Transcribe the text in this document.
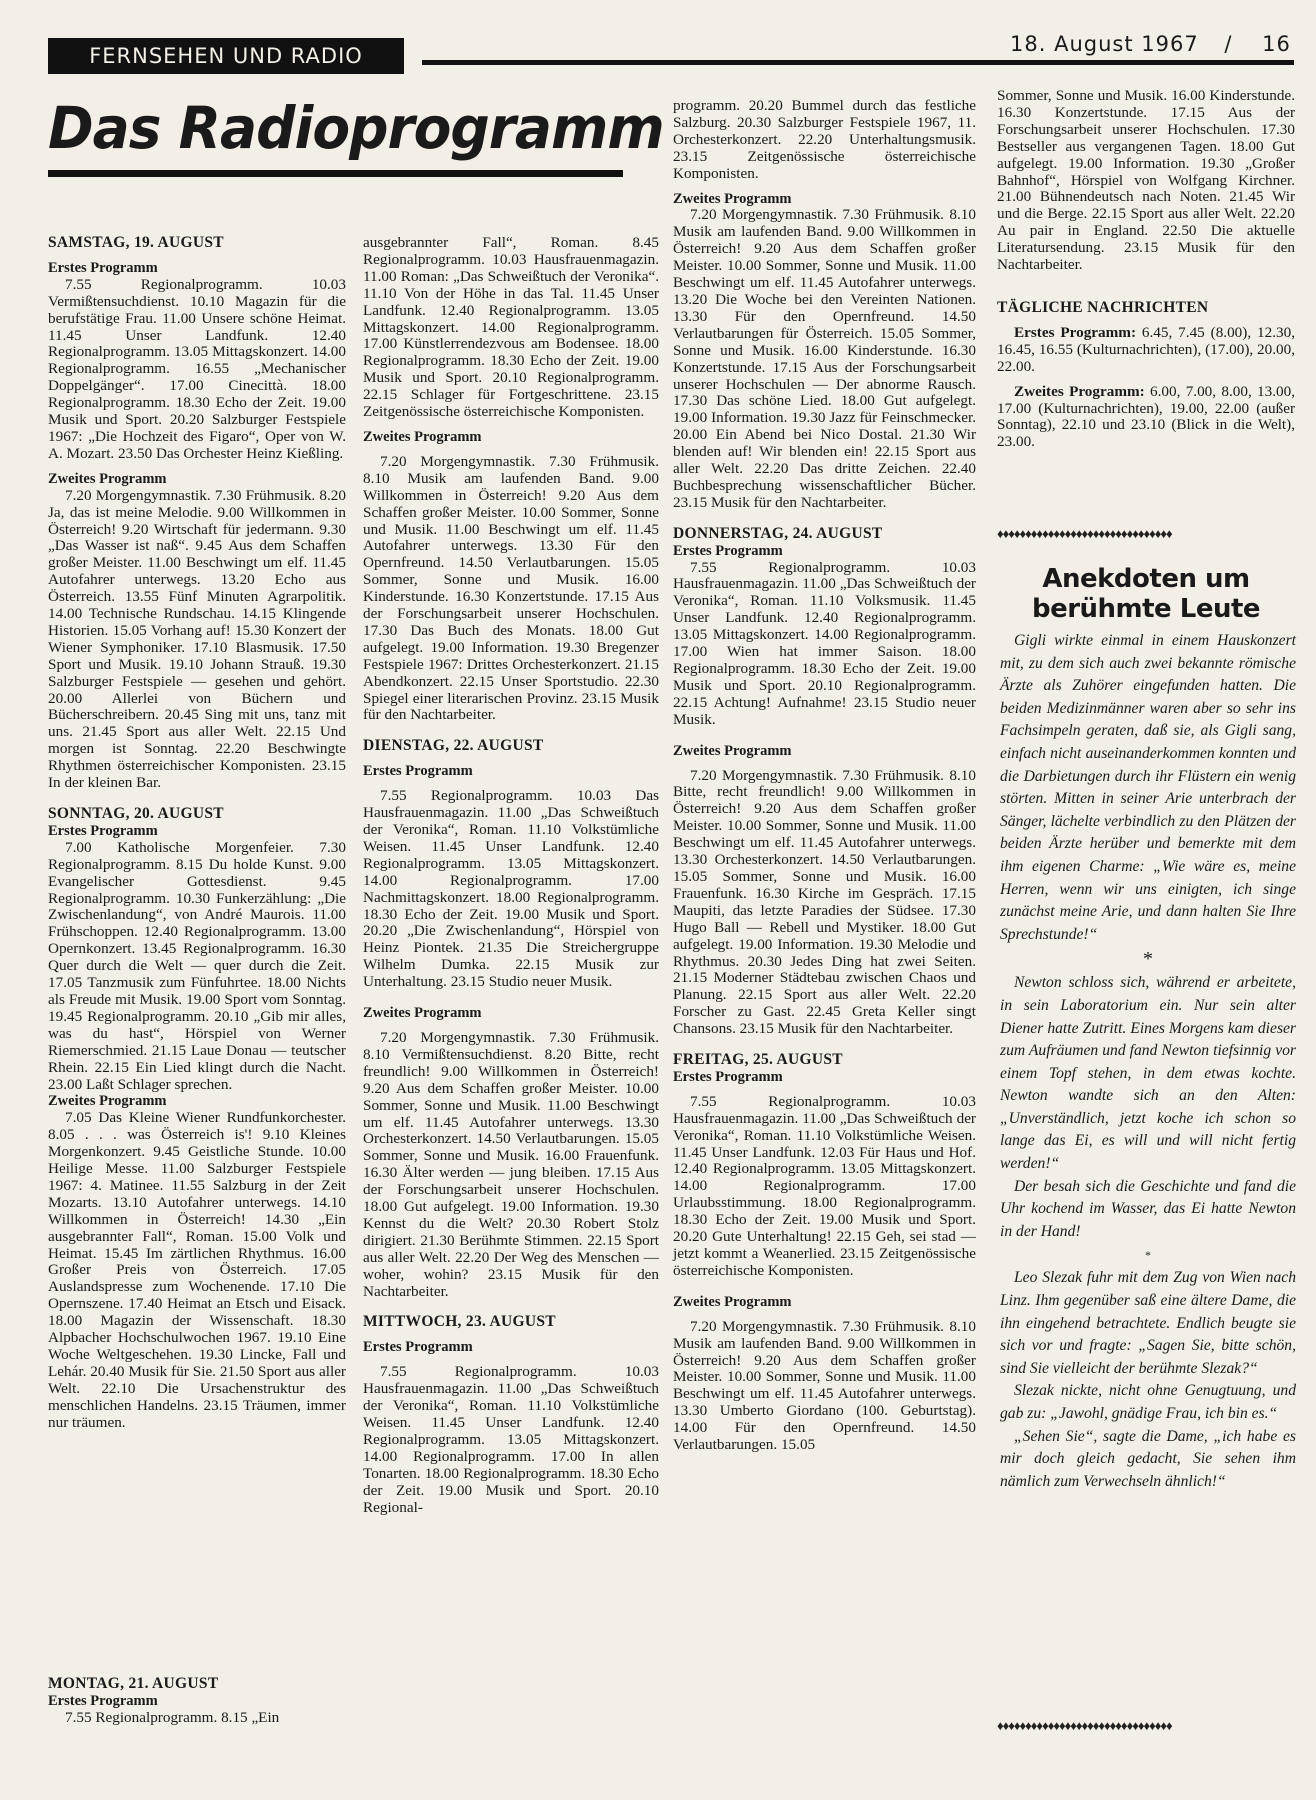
FERNSEHEN UND RADIO	18. August 1967 / 16
Das Radioprogramm

SAMSTAG, 19. AUGUST

Erstes Programm

7.55 Regionalprogramm. 10.03 Vermißtensuchdienst. 10.10 Magazin für die berufstätige Frau. 11.00 Unsere schöne Heimat. 11.45 Unser Landfunk. 12.40 Regionalprogramm. 13.05 Mittagskonzert. 14.00 Regionalprogramm. 16.55 „Mechanischer Doppelgänger“. 17.00 Cinecittà. 18.00 Regionalprogramm. 18.30 Echo der Zeit. 19.00 Musik und Sport. 20.20 Salzburger Festspiele 1967: „Die Hochzeit des Figaro“, Oper von W. A. Mozart. 23.50 Das Orchester Heinz Kießling.

Zweites Programm

7.20 Morgengymnastik. 7.30 Frühmusik. 8.20 Ja, das ist meine Melodie. 9.00 Willkommen in Österreich! 9.20 Wirtschaft für jedermann. 9.30 „Das Wasser ist naß“. 9.45 Aus dem Schaffen großer Meister. 11.00 Beschwingt um elf. 11.45 Autofahrer unterwegs. 13.20 Echo aus Österreich. 13.55 Fünf Minuten Agrarpolitik. 14.00 Technische Rundschau. 14.15 Klingende Historien. 15.05 Vorhang auf! 15.30 Konzert der Wiener Symphoniker. 17.10 Blasmusik. 17.50 Sport und Musik. 19.10 Johann Strauß. 19.30 Salzburger Festspiele — gesehen und gehört. 20.00 Allerlei von Büchern und Bücherschreibern. 20.45 Sing mit uns, tanz mit uns. 21.45 Sport aus aller Welt. 22.15 Und morgen ist Sonntag. 22.20 Beschwingte Rhythmen österreichischer Komponisten. 23.15 In der kleinen Bar.

SONNTAG, 20. AUGUST

Erstes Programm

7.00 Katholische Morgenfeier. 7.30 Regionalprogramm. 8.15 Du holde Kunst. 9.00 Evangelischer Gottesdienst. 9.45 Regionalprogramm. 10.30 Funkerzählung: „Die Zwischenlandung“, von André Maurois. 11.00 Frühschoppen. 12.40 Regionalprogramm. 13.00 Opernkonzert. 13.45 Regionalprogramm. 16.30 Quer durch die Welt — quer durch die Zeit. 17.05 Tanzmusik zum Fünfuhrtee. 18.00 Nichts als Freude mit Musik. 19.00 Sport vom Sonntag. 19.45 Regionalprogramm. 20.10 „Gib mir alles, was du hast“, Hörspiel von Werner Riemerschmied. 21.15 Laue Donau — teutscher Rhein. 22.15 Ein Lied klingt durch die Nacht. 23.00 Laßt Schlager sprechen.

Zweites Programm

7.05 Das Kleine Wiener Rundfunkorchester. 8.05 . . . was Österreich is'! 9.10 Kleines Morgenkonzert. 9.45 Geistliche Stunde. 10.00 Heilige Messe. 11.00 Salzburger Festspiele 1967: 4. Matinee. 11.55 Salzburg in der Zeit Mozarts. 13.10 Autofahrer unterwegs. 14.10 Willkommen in Österreich! 14.30 „Ein ausgebrannter Fall“, Roman. 15.00 Volk und Heimat. 15.45 Im zärtlichen Rhythmus. 16.00 Großer Preis von Österreich. 17.05 Auslandspresse zum Wochenende. 17.10 Die Opernszene. 17.40 Heimat an Etsch und Eisack. 18.00 Magazin der Wissenschaft. 18.30 Alpbacher Hochschulwochen 1967. 19.10 Eine Woche Weltgeschehen. 19.30 Lincke, Fall und Lehár. 20.40 Musik für Sie. 21.50 Sport aus aller Welt. 22.10 Die Ursachenstruktur des menschlichen Handelns. 23.15 Träumen, immer nur träumen.

MONTAG, 21. AUGUST

Erstes Programm

7.55 Regionalprogramm. 8.15 „Ein

ausgebrannter Fall“, Roman. 8.45 Regionalprogramm. 10.03 Hausfrauenmagazin. 11.00 Roman: „Das Schweißtuch der Veronika“. 11.10 Von der Höhe in das Tal. 11.45 Unser Landfunk. 12.40 Regionalprogramm. 13.05 Mittagskonzert. 14.00 Regionalprogramm. 17.00 Künstlerrendezvous am Bodensee. 18.00 Regionalprogramm. 18.30 Echo der Zeit. 19.00 Musik und Sport. 20.10 Regionalprogramm. 22.15 Schlager für Fortgeschrittene. 23.15 Zeitgenössische österreichische Komponisten.

Zweites Programm

7.20 Morgengymnastik. 7.30 Frühmusik. 8.10 Musik am laufenden Band. 9.00 Willkommen in Österreich! 9.20 Aus dem Schaffen großer Meister. 10.00 Sommer, Sonne und Musik. 11.00 Beschwingt um elf. 11.45 Autofahrer unterwegs. 13.30 Für den Opernfreund. 14.50 Verlautbarungen. 15.05 Sommer, Sonne und Musik. 16.00 Kinderstunde. 16.30 Konzertstunde. 17.15 Aus der Forschungsarbeit unserer Hochschulen. 17.30 Das Buch des Monats. 18.00 Gut aufgelegt. 19.00 Information. 19.30 Bregenzer Festspiele 1967: Drittes Orchesterkonzert. 21.15 Abendkonzert. 22.15 Unser Sportstudio. 22.30 Spiegel einer literarischen Provinz. 23.15 Musik für den Nachtarbeiter.

DIENSTAG, 22. AUGUST

Erstes Programm

7.55 Regionalprogramm. 10.03 Das Hausfrauenmagazin. 11.00 „Das Schweißtuch der Veronika“, Roman. 11.10 Volkstümliche Weisen. 11.45 Unser Landfunk. 12.40 Regionalprogramm. 13.05 Mittagskonzert. 14.00 Regionalprogramm. 17.00 Nachmittagskonzert. 18.00 Regionalprogramm. 18.30 Echo der Zeit. 19.00 Musik und Sport. 20.20 „Die Zwischenlandung“, Hörspiel von Heinz Piontek. 21.35 Die Streichergruppe Wilhelm Dumka. 22.15 Musik zur Unterhaltung. 23.15 Studio neuer Musik.

Zweites Programm

7.20 Morgengymnastik. 7.30 Frühmusik. 8.10 Vermißtensuchdienst. 8.20 Bitte, recht freundlich! 9.00 Willkommen in Österreich! 9.20 Aus dem Schaffen großer Meister. 10.00 Sommer, Sonne und Musik. 11.00 Beschwingt um elf. 11.45 Autofahrer unterwegs. 13.30 Orchesterkonzert. 14.50 Verlautbarungen. 15.05 Sommer, Sonne und Musik. 16.00 Frauenfunk. 16.30 Älter werden — jung bleiben. 17.15 Aus der Forschungsarbeit unserer Hochschulen. 18.00 Gut aufgelegt. 19.00 Information. 19.30 Kennst du die Welt? 20.30 Robert Stolz dirigiert. 21.30 Berühmte Stimmen. 22.15 Sport aus aller Welt. 22.20 Der Weg des Menschen — woher, wohin? 23.15 Musik für den Nachtarbeiter.

MITTWOCH, 23. AUGUST

Erstes Programm

7.55 Regionalprogramm. 10.03 Hausfrauenmagazin. 11.00 „Das Schweißtuch der Veronika“, Roman. 11.10 Volkstümliche Weisen. 11.45 Unser Landfunk. 12.40 Regionalprogramm. 13.05 Mittagskonzert. 14.00 Regionalprogramm. 17.00 In allen Tonarten. 18.00 Regionalprogramm. 18.30 Echo der Zeit. 19.00 Musik und Sport. 20.10 Regional-

programm. 20.20 Bummel durch das festliche Salzburg. 20.30 Salzburger Festspiele 1967, 11. Orchesterkonzert. 22.20 Unterhaltungsmusik. 23.15 Zeitgenössische österreichische Komponisten.

Zweites Programm

7.20 Morgengymnastik. 7.30 Frühmusik. 8.10 Musik am laufenden Band. 9.00 Willkommen in Österreich! 9.20 Aus dem Schaffen großer Meister. 10.00 Sommer, Sonne und Musik. 11.00 Beschwingt um elf. 11.45 Autofahrer unterwegs. 13.20 Die Woche bei den Vereinten Nationen. 13.30 Für den Opernfreund. 14.50 Verlautbarungen für Österreich. 15.05 Sommer, Sonne und Musik. 16.00 Kinderstunde. 16.30 Konzertstunde. 17.15 Aus der Forschungsarbeit unserer Hochschulen — Der abnorme Rausch. 17.30 Das schöne Lied. 18.00 Gut aufgelegt. 19.00 Information. 19.30 Jazz für Feinschmecker. 20.00 Ein Abend bei Nico Dostal. 21.30 Wir blenden auf! Wir blenden ein! 22.15 Sport aus aller Welt. 22.20 Das dritte Zeichen. 22.40 Buchbesprechung wissenschaftlicher Bücher. 23.15 Musik für den Nachtarbeiter.

DONNERSTAG, 24. AUGUST

Erstes Programm

7.55 Regionalprogramm. 10.03 Hausfrauenmagazin. 11.00 „Das Schweißtuch der Veronika“, Roman. 11.10 Volksmusik. 11.45 Unser Landfunk. 12.40 Regionalprogramm. 13.05 Mittagskonzert. 14.00 Regionalprogramm. 17.00 Wien hat immer Saison. 18.00 Regionalprogramm. 18.30 Echo der Zeit. 19.00 Musik und Sport. 20.10 Regionalprogramm. 22.15 Achtung! Aufnahme! 23.15 Studio neuer Musik.

Zweites Programm

7.20 Morgengymnastik. 7.30 Frühmusik. 8.10 Bitte, recht freundlich! 9.00 Willkommen in Österreich! 9.20 Aus dem Schaffen großer Meister. 10.00 Sommer, Sonne und Musik. 11.00 Beschwingt um elf. 11.45 Autofahrer unterwegs. 13.30 Orchesterkonzert. 14.50 Verlautbarungen. 15.05 Sommer, Sonne und Musik. 16.00 Frauenfunk. 16.30 Kirche im Gespräch. 17.15 Maupiti, das letzte Paradies der Südsee. 17.30 Hugo Ball — Rebell und Mystiker. 18.00 Gut aufgelegt. 19.00 Information. 19.30 Melodie und Rhythmus. 20.30 Jedes Ding hat zwei Seiten. 21.15 Moderner Städtebau zwischen Chaos und Planung. 22.15 Sport aus aller Welt. 22.20 Forscher zu Gast. 22.45 Greta Keller singt Chansons. 23.15 Musik für den Nachtarbeiter.

FREITAG, 25. AUGUST

Erstes Programm

7.55 Regionalprogramm. 10.03 Hausfrauenmagazin. 11.00 „Das Schweißtuch der Veronika“, Roman. 11.10 Volkstümliche Weisen. 11.45 Unser Landfunk. 12.03 Für Haus und Hof. 12.40 Regionalprogramm. 13.05 Mittagskonzert. 14.00 Regionalprogramm. 17.00 Urlaubsstimmung. 18.00 Regionalprogramm. 18.30 Echo der Zeit. 19.00 Musik und Sport. 20.20 Gute Unterhaltung! 22.15 Geh, sei stad — jetzt kommt a Weanerlied. 23.15 Zeitgenössische österreichische Komponisten.

Zweites Programm

7.20 Morgengymnastik. 7.30 Frühmusik. 8.10 Musik am laufenden Band. 9.00 Willkommen in Österreich! 9.20 Aus dem Schaffen großer Meister. 10.00 Sommer, Sonne und Musik. 11.00 Beschwingt um elf. 11.45 Autofahrer unterwegs. 13.30 Umberto Giordano (100. Geburtstag). 14.00 Für den Opernfreund. 14.50 Verlautbarungen. 15.05

Sommer, Sonne und Musik. 16.00 Kinderstunde. 16.30 Konzertstunde. 17.15 Aus der Forschungsarbeit unserer Hochschulen. 17.30 Bestseller aus vergangenen Tagen. 18.00 Gut aufgelegt. 19.00 Information. 19.30 „Großer Bahnhof“, Hörspiel von Wolfgang Kirchner. 21.00 Bühnendeutsch nach Noten. 21.45 Wir und die Berge. 22.15 Sport aus aller Welt. 22.20 Au pair in England. 22.50 Die aktuelle Literatursendung. 23.15 Musik für den Nachtarbeiter.

TÄGLICHE NACHRICHTEN

Erstes Programm: 6.45, 7.45 (8.00), 12.30, 16.45, 16.55 (Kulturnachrichten), (17.00), 20.00, 22.00.

Zweites Programm: 6.00, 7.00, 8.00, 13.00, 17.00 (Kulturnachrichten), 19.00, 22.00 (außer Sonntag), 22.10 und 23.10 (Blick in die Welt), 23.00.

♦♦♦♦♦♦♦♦♦♦♦♦♦♦♦♦♦♦♦♦♦♦♦♦♦♦♦♦♦♦♦
Anekdoten um
berühmte Leute

Gigli wirkte einmal in einem Hauskonzert mit, zu dem sich auch zwei bekannte römische Ärzte als Zuhörer eingefunden hatten. Die beiden Medizinmänner waren aber so sehr ins Fachsimpeln geraten, daß sie, als Gigli sang, einfach nicht auseinanderkommen konnten und die Darbietungen durch ihr Flüstern ein wenig störten. Mitten in seiner Arie unterbrach der Sänger, lächelte verbindlich zu den Plätzen der beiden Ärzte herüber und bemerkte mit dem ihm eigenen Charme: „Wie wäre es, meine Herren, wenn wir uns einigten, ich singe zunächst meine Arie, und dann halten Sie Ihre Sprechstunde!“

*

Newton schloss sich, während er arbeitete, in sein Laboratorium ein. Nur sein alter Diener hatte Zutritt. Eines Morgens kam dieser zum Aufräumen und fand Newton tiefsinnig vor einem Topf stehen, in dem etwas kochte. Newton wandte sich an den Alten: „Unverständlich, jetzt koche ich schon so lange das Ei, es will und will nicht fertig werden!“

Der besah sich die Geschichte und fand die Uhr kochend im Wasser, das Ei hatte Newton in der Hand!

*

Leo Slezak fuhr mit dem Zug von Wien nach Linz. Ihm gegenüber saß eine ältere Dame, die ihn eingehend betrachtete. Endlich beugte sie sich vor und fragte: „Sagen Sie, bitte schön, sind Sie vielleicht der berühmte Slezak?“

Slezak nickte, nicht ohne Genugtuung, und gab zu: „Jawohl, gnädige Frau, ich bin es.“

„Sehen Sie“, sagte die Dame, „ich habe es mir doch gleich gedacht, Sie sehen ihm nämlich zum Verwechseln ähnlich!“

♦♦♦♦♦♦♦♦♦♦♦♦♦♦♦♦♦♦♦♦♦♦♦♦♦♦♦♦♦♦♦
